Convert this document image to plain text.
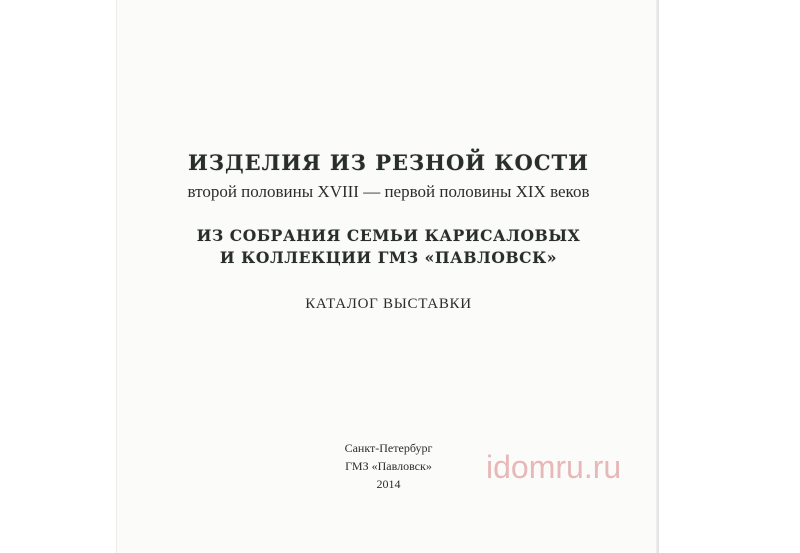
ИЗДЕЛИЯ ИЗ РЕЗНОЙ КОСТИ
второй половины XVIII — первой половины XIX веков
ИЗ СОБРАНИЯ СЕМЬИ КАРИСАЛОВЫХ
И КОЛЛЕКЦИИ ГМЗ «ПАВЛОВСК»
КАТАЛОГ ВЫСТАВКИ
Санкт-Петербург
ГМЗ «Павловск»
2014	idomru.ru
